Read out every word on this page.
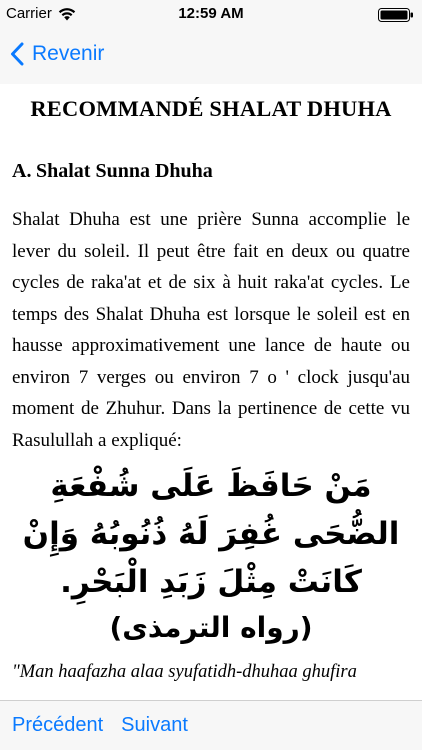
Carrier	12:59 AM
Revenir
RECOMMANDÉ SHALAT DHUHA
A. Shalat Sunna Dhuha

Shalat Dhuha est une prière Sunna accomplie le lever du soleil. Il peut être fait en deux ou quatre cycles de raka'at et de six à huit raka'at cycles. Le temps des Shalat Dhuha est lorsque le soleil est en hausse approximativement une lance de haute ou environ 7 verges ou environ 7 o ' clock jusqu'au moment de Zhuhur. Dans la pertinence de cette vu Rasulullah a expliqué:

مَنْ حَافَظَ عَلَى شُفْعَةِ الضُّحَى غُفِرَ لَهُ ذُنُوبُهُ وَإِنْ كَانَتْ مِثْلَ زَبَدِ الْبَحْرِ.

(رواه الترمذى)

"Man haafazha alaa syufatidh-dhuhaa ghufira

Précédent Suivant
